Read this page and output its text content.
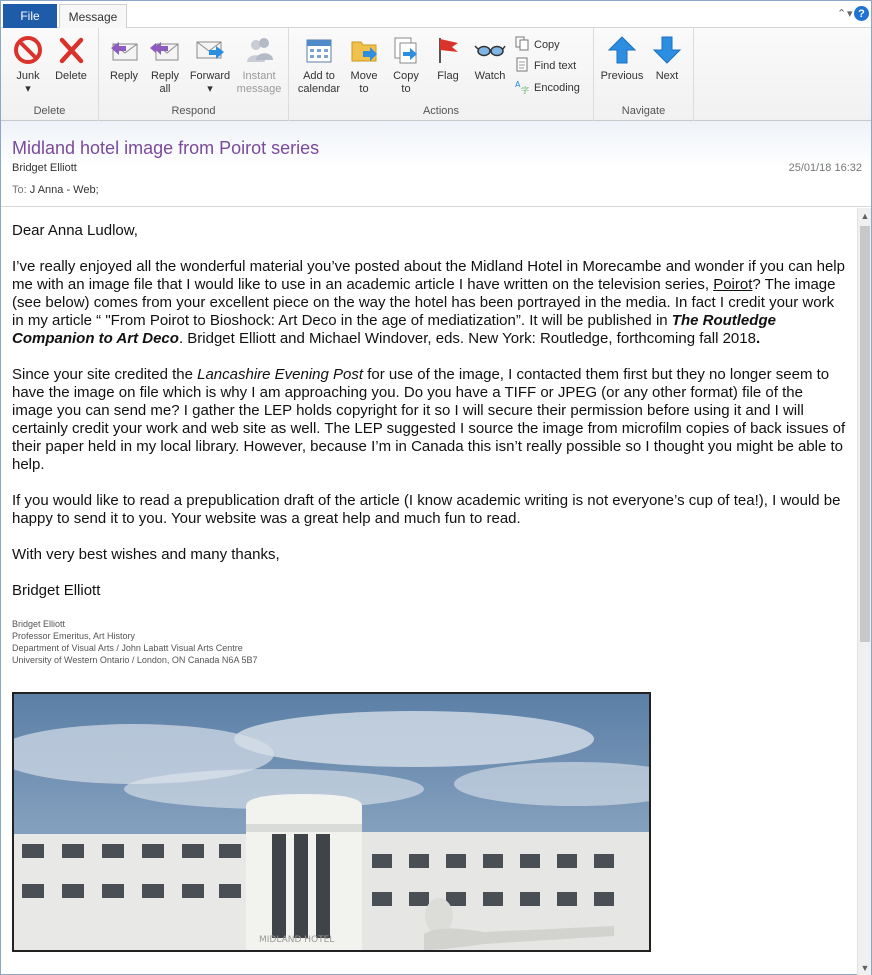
File	Message	⌃ ▾ ?
Junk
▾
Delete
Delete
Reply	Reply
all
Forward
▾
Instant
message
Respond
Add to
calendar
Move
to
Copy
to
Flag	Watch
Actions
Copy
Find text
A
字 Encoding
Previous	Next
Navigate
Midland hotel image from Poirot series
Bridget Elliott	25/01/18 16:32
To: J Anna - Web;

Dear Anna Ludlow,

I’ve really enjoyed all the wonderful material you’ve posted about the Midland Hotel in Morecambe and wonder if you can help me with an image file that I would like to use in an academic article I have written on the television series, Poirot? The image (see below) comes from your excellent piece on the way the hotel has been portrayed in the media. In fact I credit your work in my article “ "From Poirot to Bioshock: Art Deco in the age of mediatization”. It will be published in The Routledge Companion to Art Deco. Bridget Elliott and Michael Windover, eds. New York: Routledge, forthcoming fall 2018.

Since your site credited the Lancashire Evening Post for use of the image, I contacted them first but they no longer seem to have the image on file which is why I am approaching you. Do you have a TIFF or JPEG (or any other format) file of the image you can send me? I gather the LEP holds copyright for it so I will secure their permission before using it and I will certainly credit your work and web site as well. The LEP suggested I source the image from microfilm copies of back issues of their paper held in my local library. However, because I’m in Canada this isn’t really possible so I thought you might be able to help.

If you would like to read a prepublication draft of the article (I know academic writing is not everyone’s cup of tea!), I would be happy to send it to you. Your website was a great help and much fun to read.

With very best wishes and many thanks,

Bridget Elliott

Bridget Elliott
Professor Emeritus, Art History
Department of Visual Arts / John Labatt Visual Arts Centre
University of Western Ontario / London, ON Canada N6A 5B7
MIDLAND HOTEL
▲
▼
